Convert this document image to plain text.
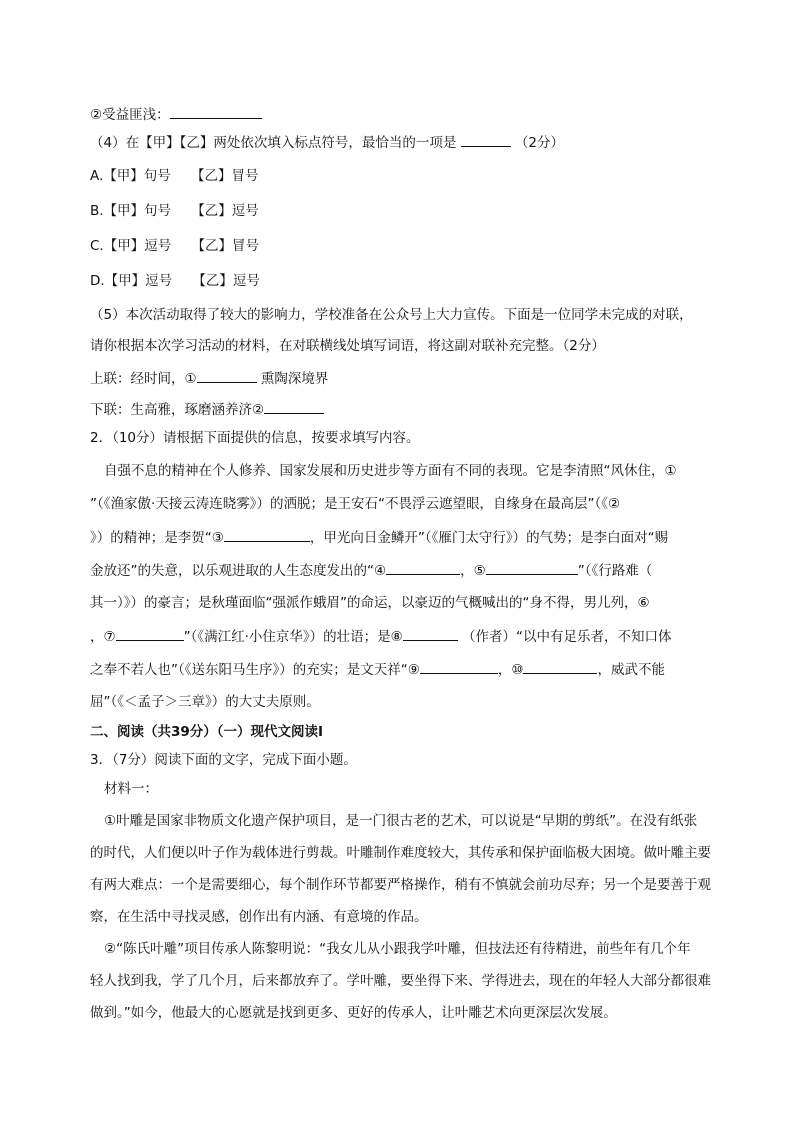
②受益匪浅：
（4）在【甲】【乙】两处依次填入标点符号，最恰当的一项是	（2分）
A.【甲】句号　　【乙】冒号
B.【甲】句号　　【乙】逗号
C.【甲】逗号　　【乙】冒号
D.【甲】逗号　　【乙】逗号
（5）本次活动取得了较大的影响力，学校准备在公众号上大力宣传。下面是一位同学未完成的对联，
请你根据本次学习活动的材料，在对联横线处填写词语，将这副对联补充完整。（2分）
上联：经时间，①	熏陶深境界
下联：生高雅，琢磨涵养济②
2．（10分）请根据下面提供的信息，按要求填写内容。
自强不息的精神在个人修养、国家发展和历史进步等方面有不同的表现。它是李清照“风休住，①
”（《渔家傲·天接云涛连晓雾》）的洒脱；是王安石“不畏浮云遮望眼，自缘身在最高层”（《②
》）的精神；是李贺“③	，甲光向日金鳞开”（《雁门太守行》）的气势；是李白面对“赐
金放还”的失意，以乐观进取的人生态度发出的“④	，⑤	”（《行路难（
其一）》）的豪言；是秋瑾面临“强派作蛾眉”的命运，以豪迈的气概喊出的“身不得，男儿列，⑥
，⑦	”（《满江红·小住京华》）的壮语；是⑧	（作者）“以中有足乐者，不知口体
之奉不若人也”（《送东阳马生序》）的充实；是文天祥“⑨	，⑩	，威武不能
屈”（《＜孟子＞三章》）的大丈夫原则。
二、阅读（共39分）（一）现代文阅读Ⅰ
3．（7分）阅读下面的文字，完成下面小题。
材料一：
①叶雕是国家非物质文化遗产保护项目，是一门很古老的艺术，可以说是“早期的剪纸”。在没有纸张
的时代，人们便以叶子作为载体进行剪裁。叶雕制作难度较大，其传承和保护面临极大困境。做叶雕主要
有两大难点：一个是需要细心，每个制作环节都要严格操作，稍有不慎就会前功尽弃；另一个是要善于观
察，在生活中寻找灵感，创作出有内涵、有意境的作品。
②“陈氏叶雕”项目传承人陈黎明说：“我女儿从小跟我学叶雕，但技法还有待精进，前些年有几个年
轻人找到我，学了几个月，后来都放弃了。学叶雕，要坐得下来、学得进去，现在的年轻人大部分都很难
做到。”如今，他最大的心愿就是找到更多、更好的传承人，让叶雕艺术向更深层次发展。
